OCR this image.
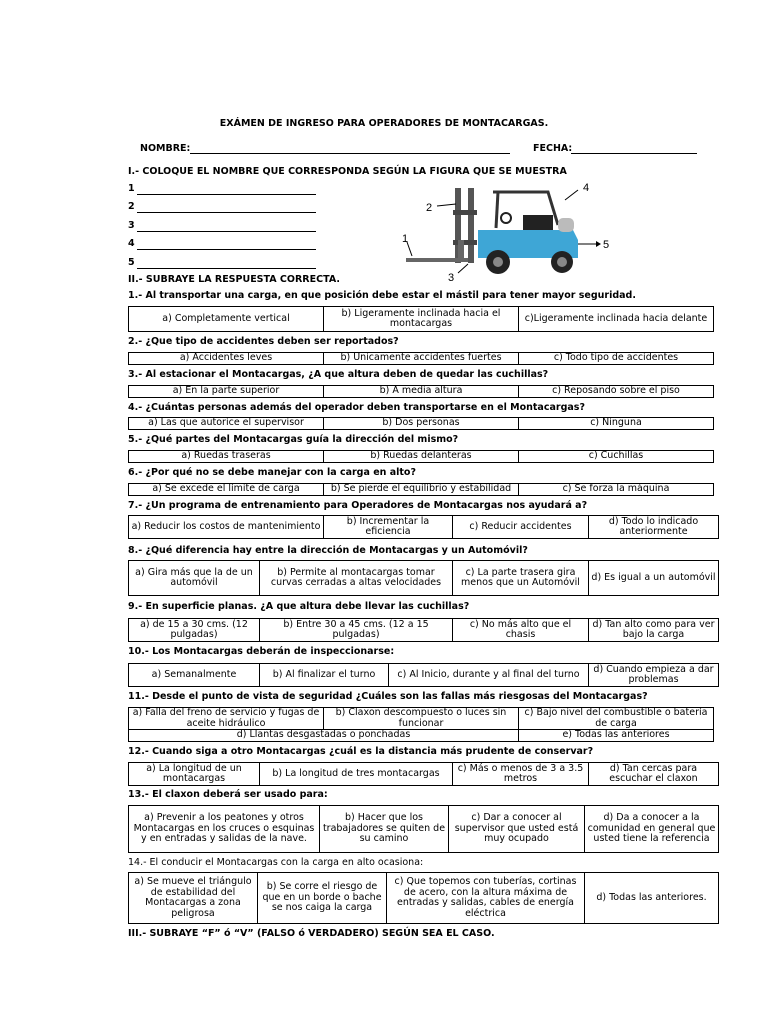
EXÁMEN DE INGRESO PARA OPERADORES DE MONTACARGAS.
NOMBRE:	FECHA:
I.- COLOQUE EL NOMBRE QUE CORRESPONDA SEGÚN LA FIGURA QUE SE MUESTRA
1
2
3
4
5
1
2
3
4
5
II.- SUBRAYE LA RESPUESTA CORRECTA.
1.- Al transportar una carga, en que posición debe estar el mástil para tener mayor seguridad.
a) Completamente vertical	b) Ligeramente inclinada hacia el montacargas	c)Ligeramente inclinada hacia delante
2.- ¿Que tipo de accidentes deben ser reportados?
a) Accidentes leves	b) Unicamente accidentes fuertes	c) Todo tipo de accidentes
3.- Al estacionar el Montacargas, ¿A que altura deben de quedar las cuchillas?
a) En la parte superior	b) A media altura	c) Reposando sobre el piso
4.- ¿Cuántas personas además del operador deben transportarse en el Montacargas?
a) Las que autorice el supervisor	b) Dos personas	c) Ninguna
5.- ¿Qué partes del Montacargas guía la dirección del mismo?
a) Ruedas traseras	b) Ruedas delanteras	c) Cuchillas
6.- ¿Por qué no se debe manejar con la carga en alto?
a) Se excede el límite de carga	b) Se pierde el equilibrio y estabilidad	c) Se forza la máquina
7.- ¿Un programa de entrenamiento para Operadores de Montacargas nos ayudará a?
a) Reducir los costos de mantenimiento	b) Incrementar la eficiencia	c) Reducir accidentes	d) Todo lo indicado anteriormente
8.- ¿Qué diferencia hay entre la dirección de Montacargas y un Automóvil?
a) Gira más que la de un automóvil	b) Permite al montacargas tomar curvas cerradas a altas velocidades	c) La parte trasera gira menos que un Automóvil	d) Es igual a un automóvil
9.- En superficie planas. ¿A que altura debe llevar las cuchillas?
a) de 15 a 30 cms. (12 pulgadas)	b) Entre 30 a 45 cms. (12 a 15 pulgadas)	c) No más alto que el chasis	d) Tan alto como para ver bajo la carga
10.- Los Montacargas deberán de inspeccionarse:
a) Semanalmente	b) Al finalizar el turno	c) Al Inicio, durante y al final del turno	d) Cuando empieza a dar problemas
11.- Desde el punto de vista de seguridad ¿Cuáles son las fallas más riesgosas del Montacargas?
a) Falla del freno de servicio y fugas de aceite hidráulico	b) Claxon descompuesto o luces sin funcionar	c) Bajo nivel del combustible o batería de carga
d) Llantas desgastadas o ponchadas		e) Todas las anteriores
12.- Cuando siga a otro Montacargas ¿cuál es la distancia más prudente de conservar?
a) La longitud de un montacargas	b) La longitud de tres montacargas	c) Más o menos de 3 a 3.5 metros	d) Tan cercas para escuchar el claxon
13.- El claxon deberá ser usado para:
a) Prevenir a los peatones y otros Montacargas en los cruces o esquinas y en entradas y salidas de la nave.	b) Hacer que los trabajadores se quiten de su camino	c) Dar a conocer al supervisor que usted está muy ocupado	d) Da a conocer a la comunidad en general que usted tiene la referencia
14.- El conducir el Montacargas con la carga en alto ocasiona:
a) Se mueve el triángulo de estabilidad del Montacargas a zona peligrosa	b) Se corre el riesgo de que en un borde o bache se nos caiga la carga	c) Que topemos con tuberías, cortinas de acero, con la altura máxima de entradas y salidas, cables de energía eléctrica	d) Todas las anteriores.
III.- SUBRAYE “F” ó “V” (FALSO ó VERDADERO) SEGÚN SEA EL CASO.
